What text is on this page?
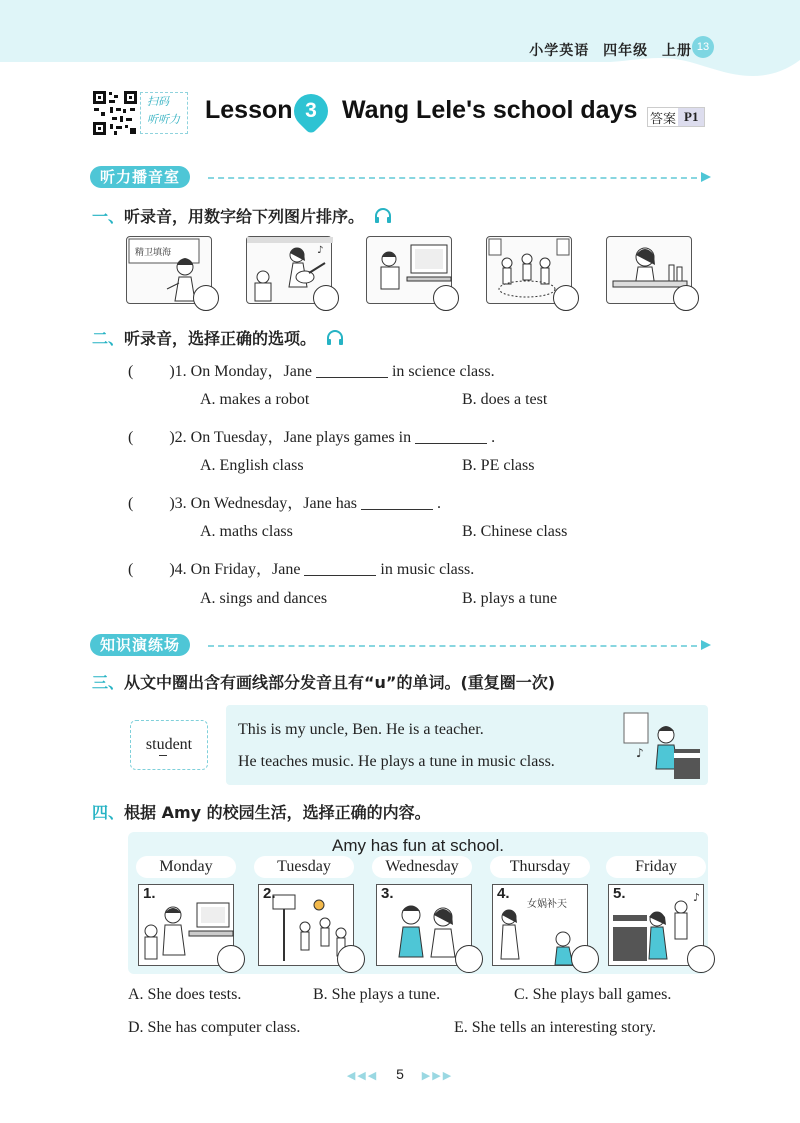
小学英语 四年级 上册 13
扫码
听听力 Lesson 3	Wang Lele's school days 答案 P1
听力播音室
一、听录音，用数字给下列图片排序。
精卫填海	♪
二、听录音，选择正确的选项。
( )1. On Monday，Jane	in science class.
A. makes a robot	B. does a test
( )2. On Tuesday，Jane plays games in	.
A. English class	B. PE class
( )3. On Wednesday，Jane has	.
A. maths class	B. Chinese class
( )4. On Friday，Jane	in music class.
A. sings and dances	B. plays a tune
知识演练场
三、从文中圈出含有画线部分发音且有“u”的单词。(重复圈一次)
student
This is my uncle, Ben. He is a teacher.
He teaches music. He plays a tune in music class.	♪
四、根据 Amy 的校园生活，选择正确的内容。
Amy has fun at school.
Monday	Tuesday	Wednesday	Thursday	Friday
1.	2.	3.	4.
女娲补天
♪
5.
A. She does tests.	B. She plays a tune.	C. She plays ball games.
D. She has computer class.	E. She tells an interesting story.
◀◀◀ 5 ▶▶▶
